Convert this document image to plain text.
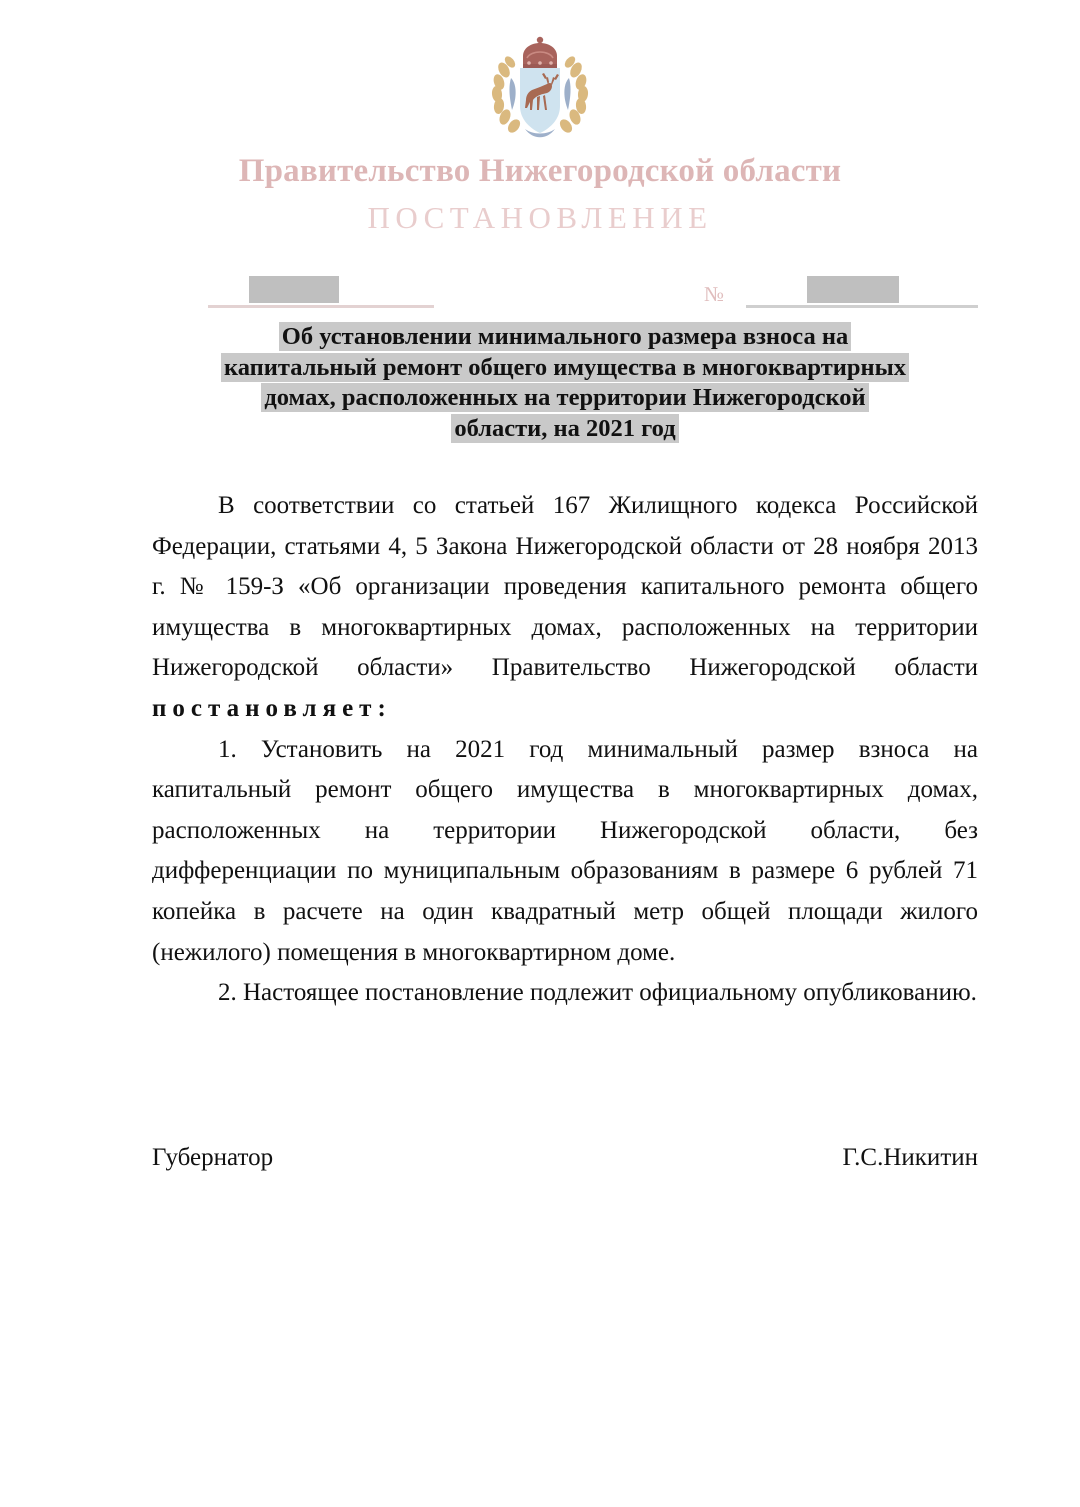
Правительство Нижегородской области
ПОСТАНОВЛЕНИЕ
№
Об установлении минимального размера взноса на
капитальный ремонт общего имущества в многоквартирных
домах, расположенных на территории Нижегородской
области, на 2021 год

В соответствии со статьей 167 Жилищного кодекса Российской Федерации, статьями 4, 5 Закона Нижегородской области от 28 ноября 2013 г. № 159-З «Об организации проведения капитального ремонта общего имущества в многоквартирных домах, расположенных на территории Нижегородской области» Правительство Нижегородской области постановляет:

1. Установить на 2021 год минимальный размер взноса на капитальный ремонт общего имущества в многоквартирных домах, расположенных на территории Нижегородской области, без дифференциации по муниципальным образованиям в размере 6 рублей 71 копейка в расчете на один квадратный метр общей площади жилого (нежилого) помещения в многоквартирном доме.

2. Настоящее постановление подлежит официальному опубликованию.

Губернатор	Г.С.Никитин
